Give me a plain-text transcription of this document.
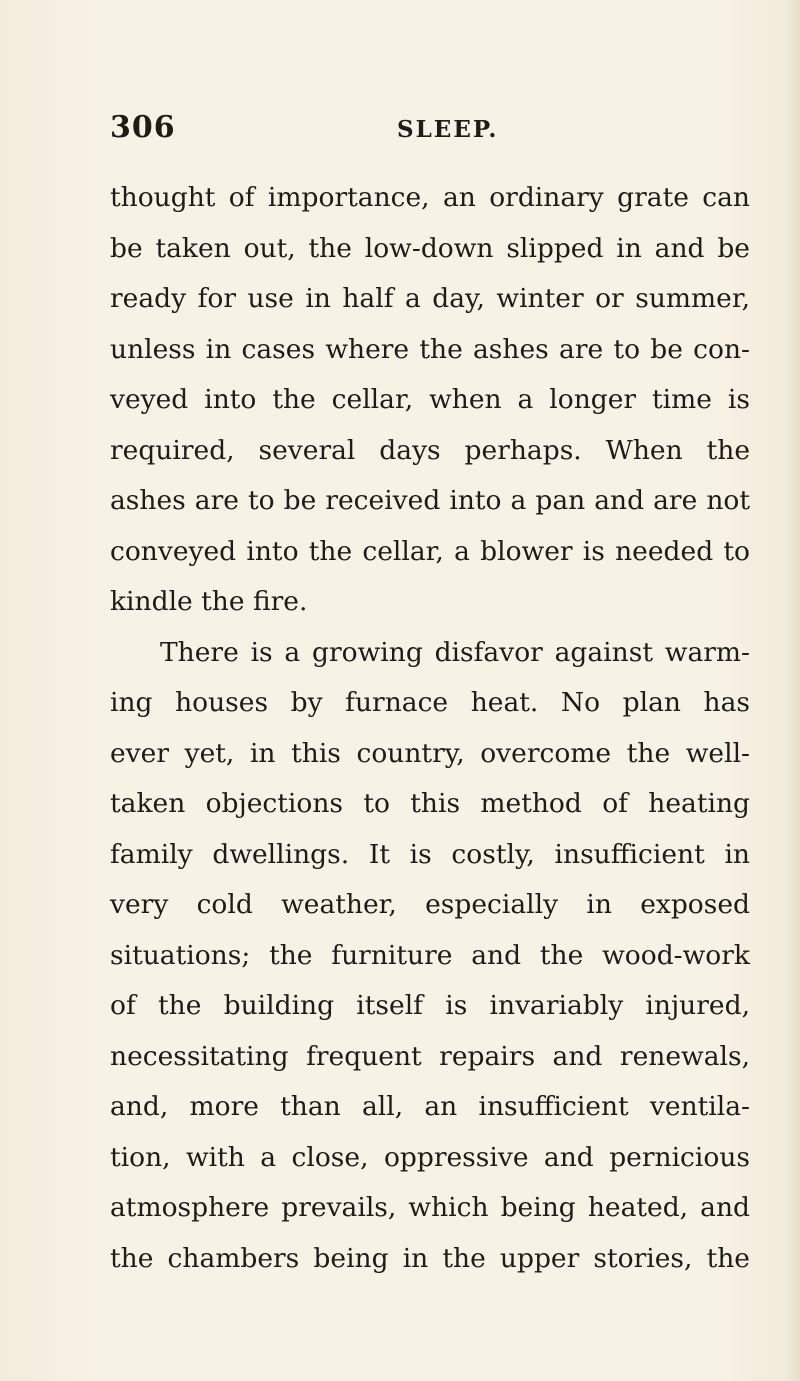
306	SLEEP.
thought of importance, an ordinary grate can
be taken out, the low-down slipped in and be
ready for use in half a day, winter or summer,
unless in cases where the ashes are to be con-
veyed into the cellar, when a longer time is
required, several days perhaps. When the
ashes are to be received into a pan and are not
conveyed into the cellar, a blower is needed to
kindle the fire.
There is a growing disfavor against warm-
ing houses by furnace heat. No plan has
ever yet, in this country, overcome the well-
taken objections to this method of heating
family dwellings. It is costly, insufficient in
very cold weather, especially in exposed
situations; the furniture and the wood-work
of the building itself is invariably injured,
necessitating frequent repairs and renewals,
and, more than all, an insufficient ventila-
tion, with a close, oppressive and pernicious
atmosphere prevails, which being heated, and
the chambers being in the upper stories, the
